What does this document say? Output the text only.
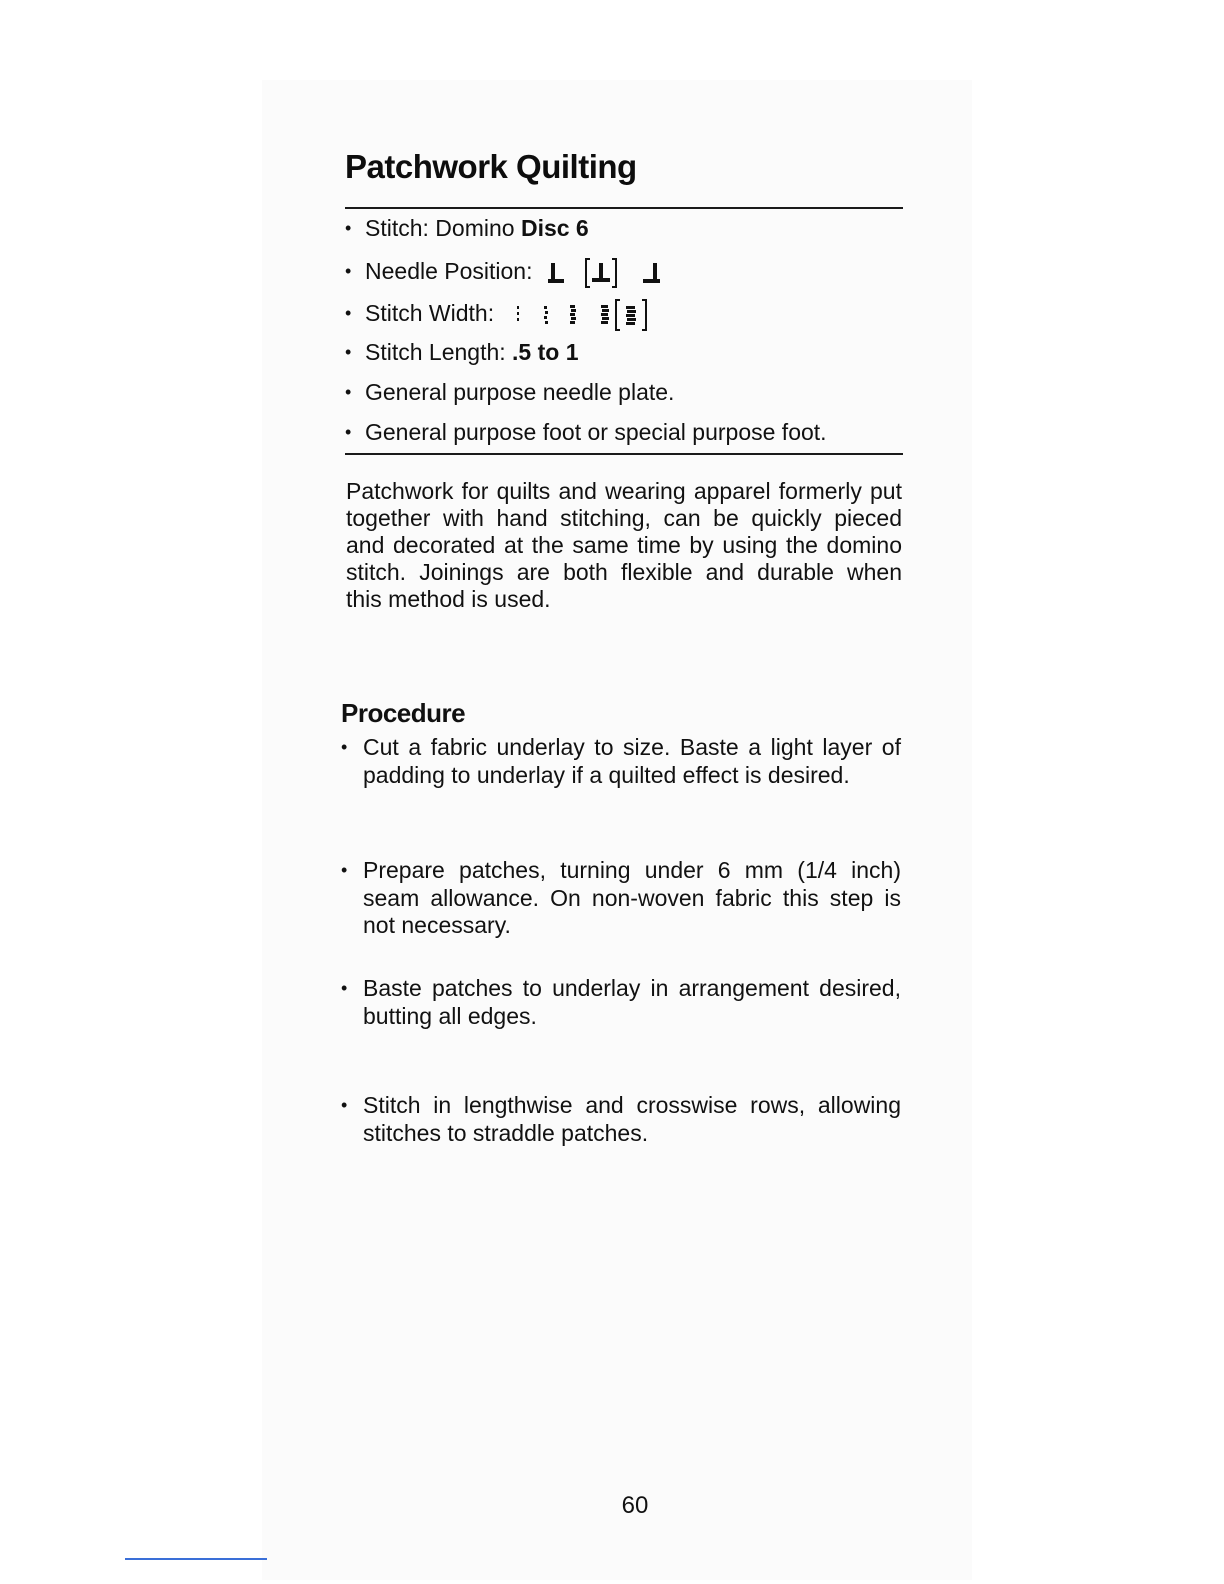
Patchwork Quilting
• Stitch: Domino Disc 6
• Needle Position:
• Stitch Width:
• Stitch Length: .5 to 1
• General purpose needle plate.
• General purpose foot or special purpose foot.

Patchwork for quilts and wearing apparel formerly put
together with hand stitching, can be quickly pieced
and decorated at the same time by using the domino
stitch. Joinings are both flexible and durable when
this method is used.

Procedure
• Cut a fabric underlay to size. Baste a light layer of
padding to underlay if a quilted effect is desired.
• Prepare patches, turning under 6 mm (1/4 inch)
seam allowance. On non-woven fabric this step is
not necessary.
• Baste patches to underlay in arrangement desired,
butting all edges.
• Stitch in lengthwise and crosswise rows, allowing
stitches to straddle patches.
60
